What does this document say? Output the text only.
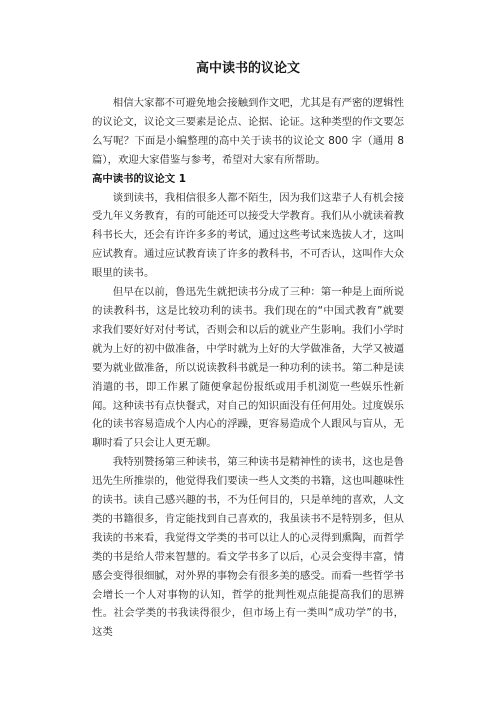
高中读书的议论文

相信大家都不可避免地会接触到作文吧，尤其是有严密的逻辑性的议论文，议论文三要素是论点、论据、论证。这种类型的作文要怎么写呢？下面是小编整理的高中关于读书的议论文 800 字（通用 8 篇），欢迎大家借鉴与参考，希望对大家有所帮助。

高中读书的议论文 1

谈到读书，我相信很多人都不陌生，因为我们这辈子人有机会接受九年义务教育，有的可能还可以接受大学教育。我们从小就读着教科书长大，还会有许许多多的考试，通过这些考试来选拔人才，这叫应试教育。通过应试教育读了许多的教科书，不可否认，这叫作大众眼里的读书。

但早在以前，鲁迅先生就把读书分成了三种：第一种是上面所说的读教科书，这是比较功利的读书。我们现在的“中国式教育”就要求我们要好好对付考试，否则会和以后的就业产生影响。我们小学时就为上好的初中做准备，中学时就为上好的大学做准备，大学又被逼要为就业做准备，所以说读教科书就是一种功利的读书。第二种是读消遣的书，即工作累了随便拿起份报纸或用手机浏览一些娱乐性新闻。这种读书有点快餐式，对自己的知识面没有任何用处。过度娱乐化的读书容易造成个人内心的浮躁，更容易造成个人跟风与盲从，无聊时看了只会让人更无聊。

我特别赞扬第三种读书，第三种读书是精神性的读书，这也是鲁迅先生所推崇的，他觉得我们要读一些人文类的书籍，这也叫趣味性的读书。读自己感兴趣的书，不为任何目的，只是单纯的喜欢，人文类的书籍很多，肯定能找到自己喜欢的，我虽读书不是特别多，但从我读的书来看，我觉得文学类的书可以让人的心灵得到熏陶，而哲学类的书是给人带来智慧的。看文学书多了以后，心灵会变得丰富，情感会变得很细腻，对外界的事物会有很多美的感受。而看一些哲学书会增长一个人对事物的认知，哲学的批判性观点能提高我们的思辨性。社会学类的书我读得很少，但市场上有一类叫“成功学”的书，这类
